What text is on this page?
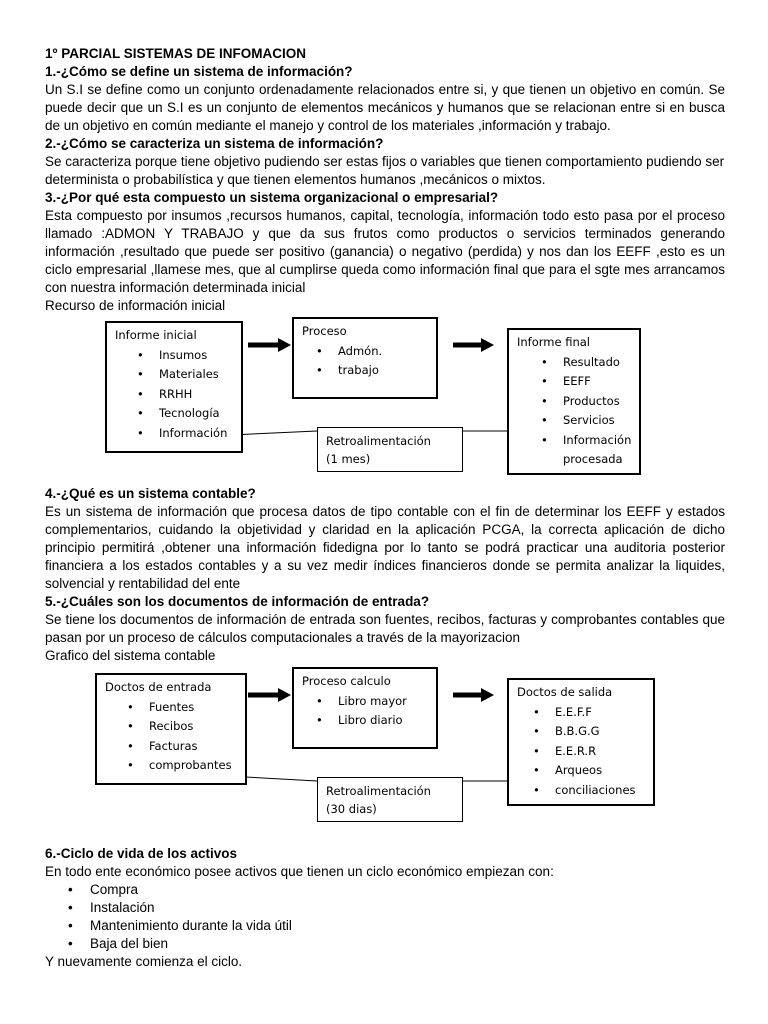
1º PARCIAL SISTEMAS DE INFOMACION
1.-¿Cómo se define un sistema de información?
Un S.I se define como un conjunto ordenadamente relacionados entre si, y que tienen un objetivo en común. Se puede decir que un S.I es un conjunto de elementos mecánicos y humanos que se relacionan entre si en busca de un objetivo en común mediante el manejo y control de los materiales ,información y trabajo.
2.-¿Cómo se caracteriza un sistema de información?
Se caracteriza porque tiene objetivo pudiendo ser estas fijos o variables que tienen comportamiento pudiendo ser determinista o probabilística y que tienen elementos humanos ,mecánicos o mixtos.
3.-¿Por qué esta compuesto un sistema organizacional o empresarial?
Esta compuesto por insumos ,recursos humanos, capital, tecnología, información todo esto pasa por el proceso llamado :ADMON Y TRABAJO y que da sus frutos como productos o servicios terminados generando información ,resultado que puede ser positivo (ganancia) o negativo (perdida) y nos dan los EEFF ,esto es un ciclo empresarial ,llamese mes, que al cumplirse queda como información final que para el sgte mes arrancamos con nuestra información determinada inicial
Recurso de información inicial
Informe inicial
• Insumos
• Materiales
• RRHH
• Tecnología
• Información
Proceso
• Admón.
• trabajo
Informe final
• Resultado
• EEFF
• Productos
• Servicios
• Información
procesada
Retroalimentación
(1 mes)
4.-¿Qué es un sistema contable?
Es un sistema de información que procesa datos de tipo contable con el fin de determinar los EEFF y estados complementarios, cuidando la objetividad y claridad en la aplicación PCGA, la correcta aplicación de dicho principio permitirá ,obtener una información fidedigna por lo tanto se podrá practicar una auditoria posterior financiera a los estados contables y a su vez medir índices financieros donde se permita analizar la liquides, solvencial y rentabilidad del ente
5.-¿Cuáles son los documentos de información de entrada?
Se tiene los documentos de información de entrada son fuentes, recibos, facturas y comprobantes contables que pasan por un proceso de cálculos computacionales a través de la mayorizacion
Grafico del sistema contable
Doctos de entrada
• Fuentes
• Recibos
• Facturas
• comprobantes
Proceso calculo
• Libro mayor
• Libro diario
Doctos de salida
• E.E.F.F
• B.B.G.G
• E.E.R.R
• Arqueos
• conciliaciones
Retroalimentación
(30 dias)
6.-Ciclo de vida de los activos
En todo ente económico posee activos que tienen un ciclo económico empiezan con:
• Compra
• Instalación
• Mantenimiento durante la vida útil
• Baja del bien
Y nuevamente comienza el ciclo.
